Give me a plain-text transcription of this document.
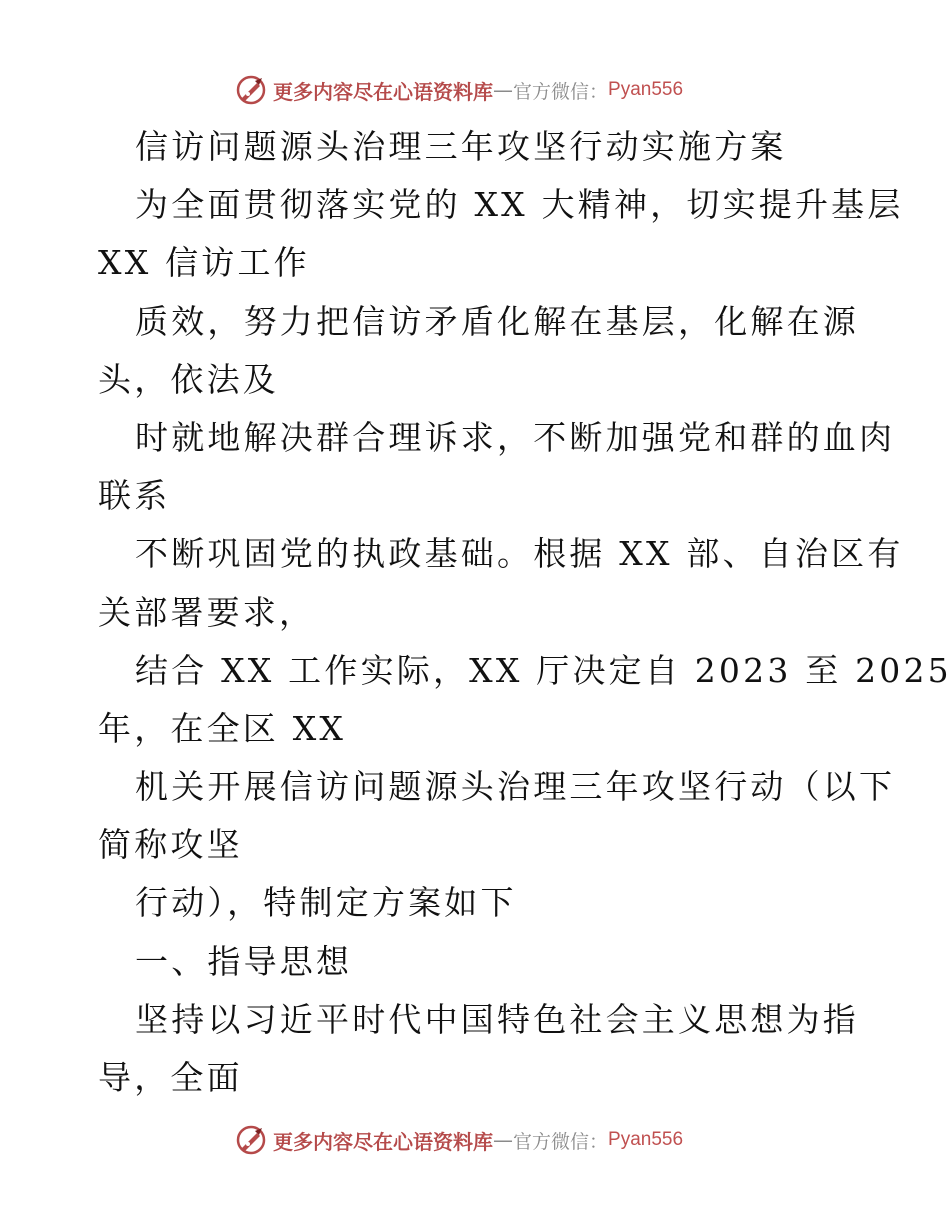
更多内容尽在心语资料库 — 官方微信： Pyan556
信访问题源头治理三年攻坚行动实施方案
为全面贯彻落实党的 XX 大精神，切实提升基层
XX 信访工作
质效，努力把信访矛盾化解在基层，化解在源
头，依法及
时就地解决群合理诉求，不断加强党和群的血肉
联系
不断巩固党的执政基础。根据 XX 部、自治区有
关部署要求，
结合 XX 工作实际，XX 厅决定自 2023 至 2025
年，在全区 XX
机关开展信访问题源头治理三年攻坚行动（以下
简称攻坚
行动），特制定方案如下
一、指导思想
坚持以习近平时代中国特色社会主义思想为指
导，全面
更多内容尽在心语资料库 — 官方微信： Pyan556
